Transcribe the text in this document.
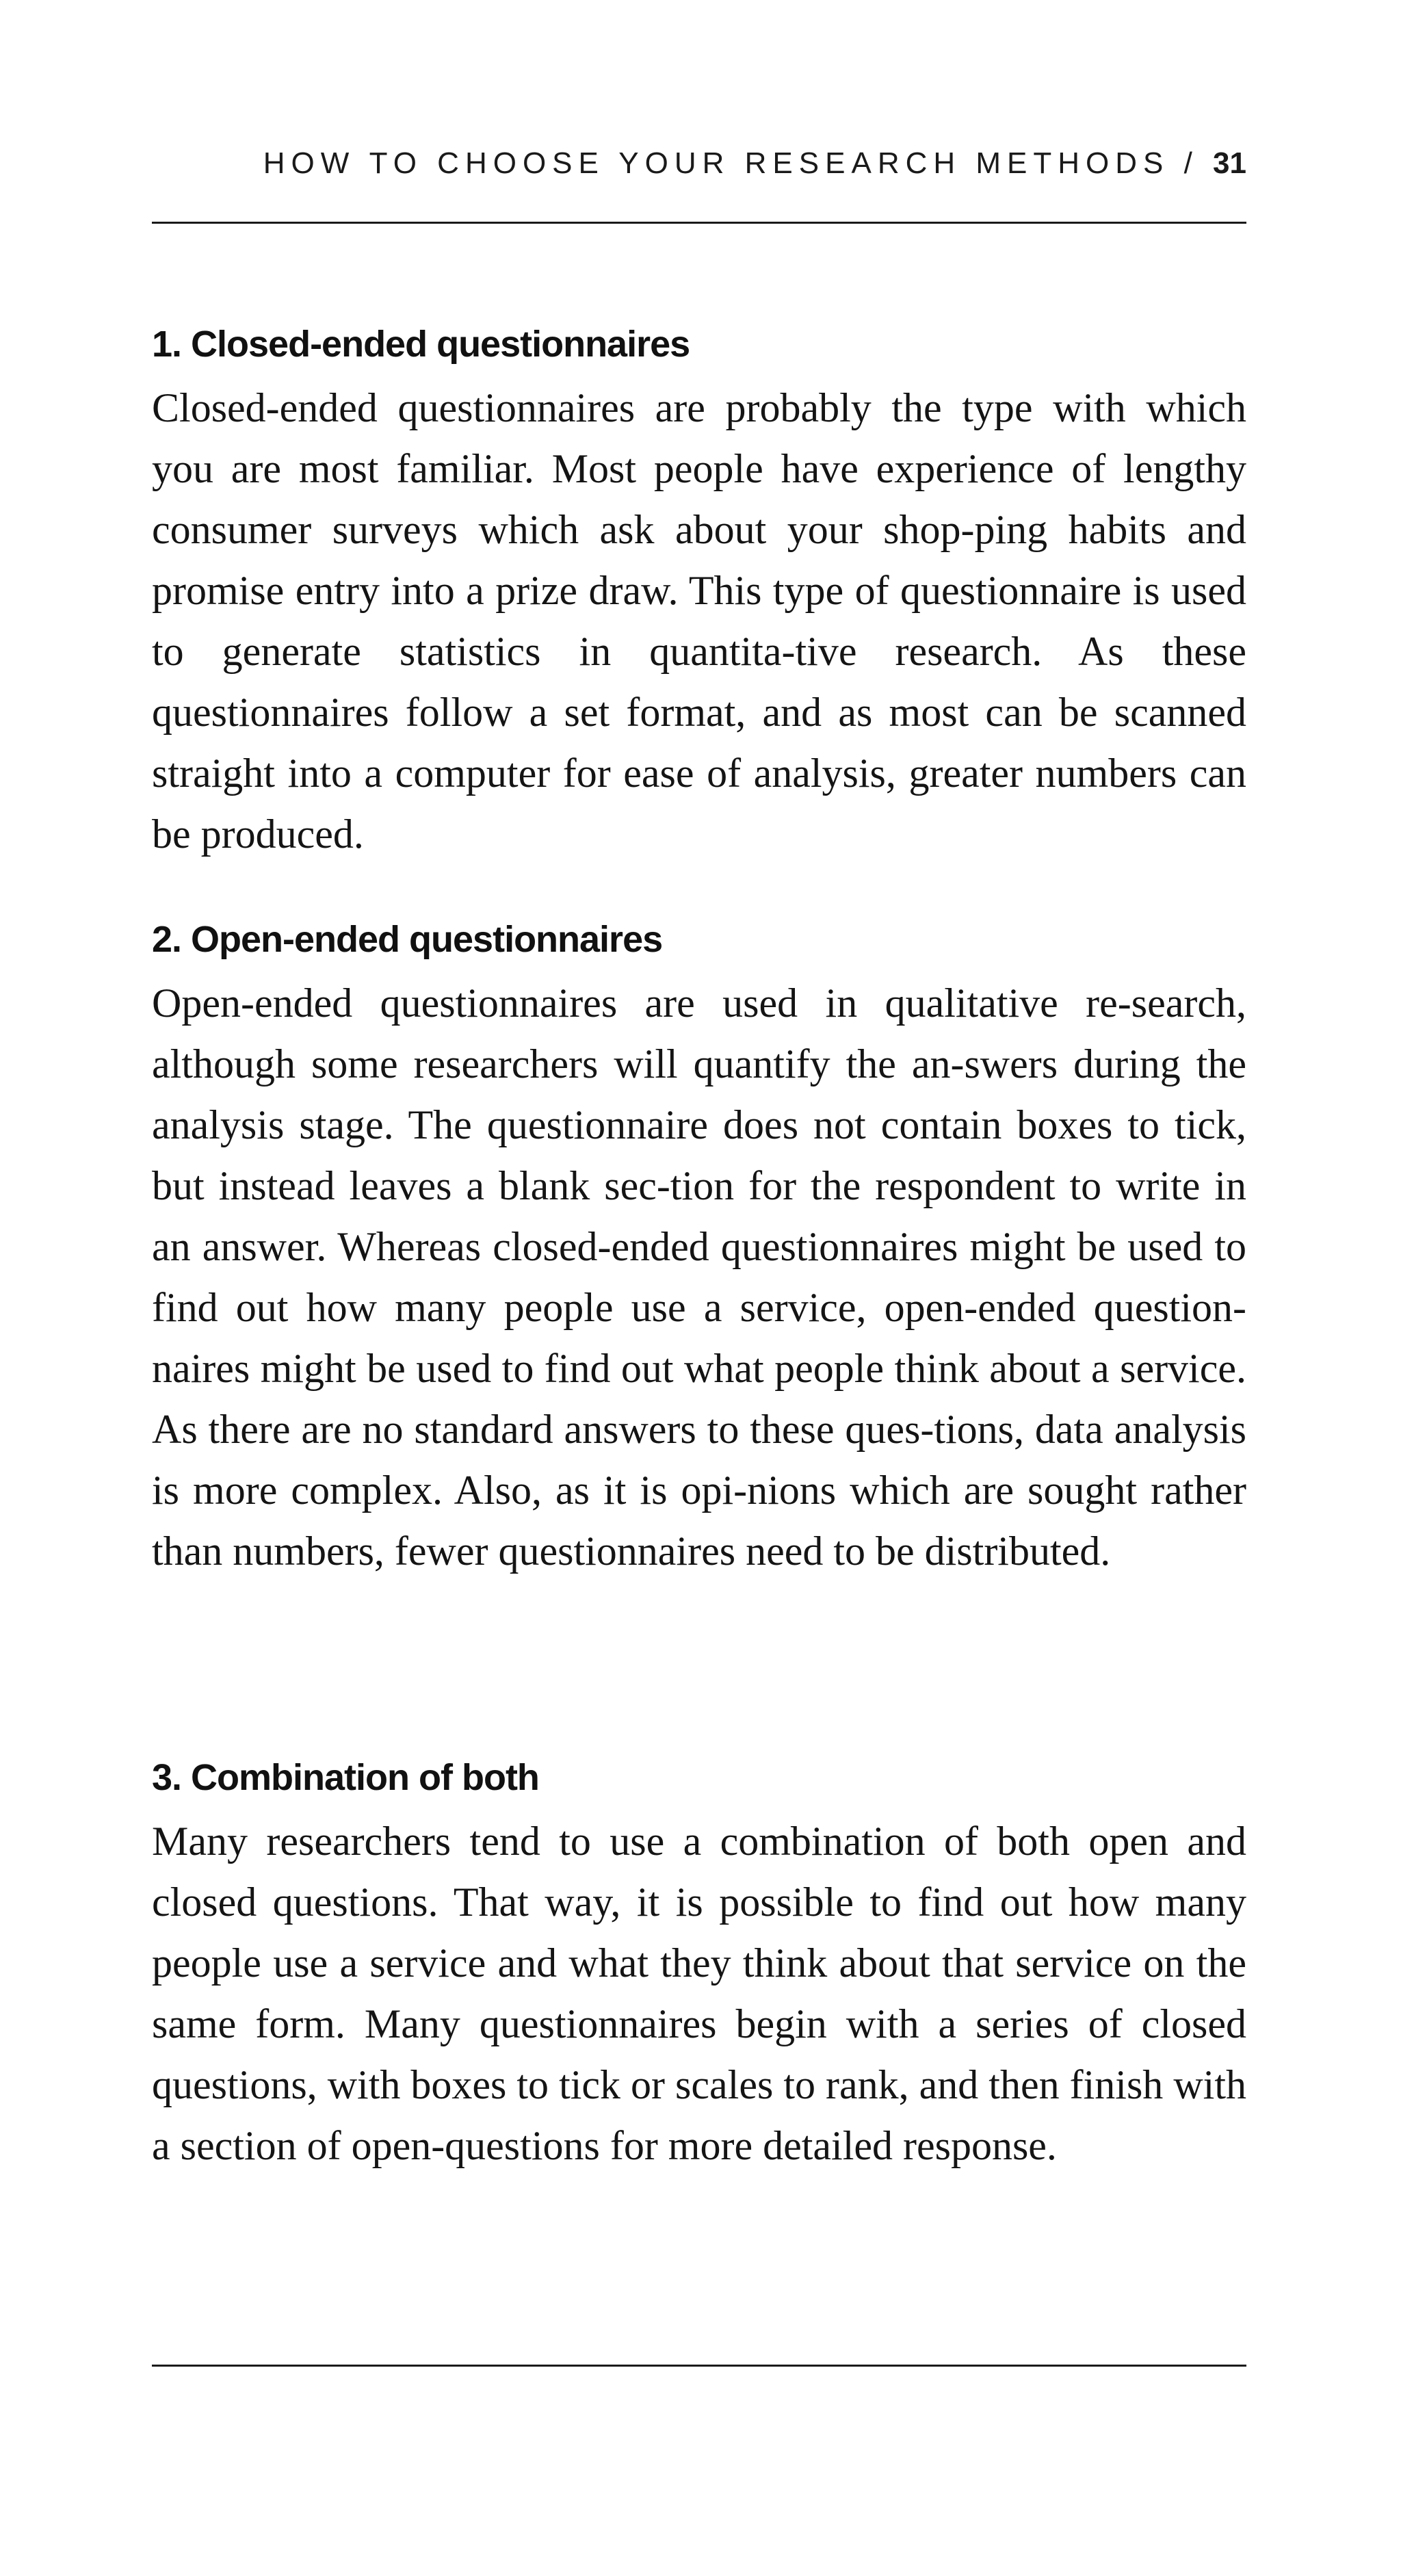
HOW TO CHOOSE YOUR RESEARCH METHODS / 31
1. Closed-ended questionnaires

Closed-ended questionnaires are probably the type with which you are most familiar. Most people have experience of lengthy consumer surveys which ask about your shop-ping habits and promise entry into a prize draw. This type of questionnaire is used to generate statistics in quantita-tive research. As these questionnaires follow a set format, and as most can be scanned straight into a computer for ease of analysis, greater numbers can be produced.

2. Open-ended questionnaires

Open-ended questionnaires are used in qualitative re-search, although some researchers will quantify the an-swers during the analysis stage. The questionnaire does not contain boxes to tick, but instead leaves a blank sec-tion for the respondent to write in an answer. Whereas closed-ended questionnaires might be used to find out how many people use a service, open-ended question-naires might be used to find out what people think about a service. As there are no standard answers to these ques-tions, data analysis is more complex. Also, as it is opi-nions which are sought rather than numbers, fewer questionnaires need to be distributed.

3. Combination of both

Many researchers tend to use a combination of both open and closed questions. That way, it is possible to find out how many people use a service and what they think about that service on the same form. Many questionnaires begin with a series of closed questions, with boxes to tick or scales to rank, and then finish with a section of open-questions for more detailed response.
